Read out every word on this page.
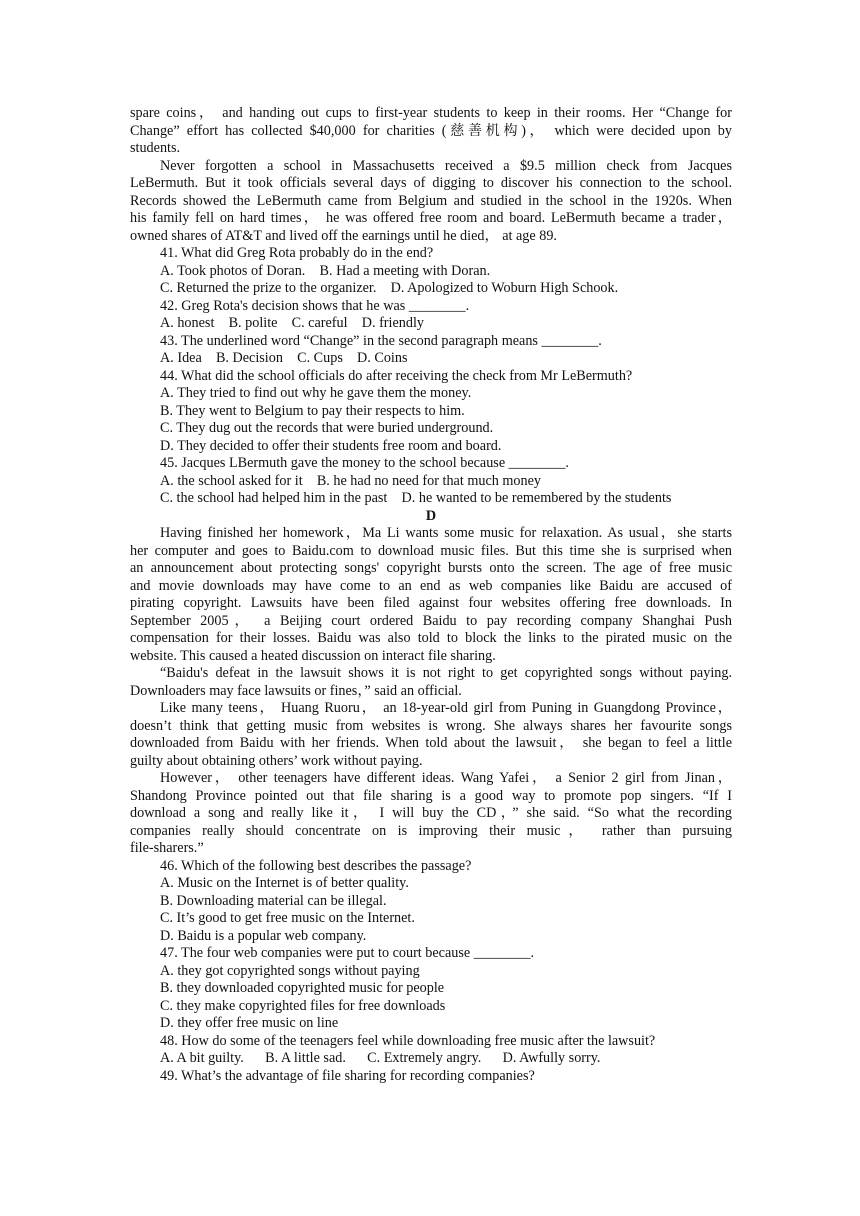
spare coins， and handing out cups to first-year students to keep in their rooms. Her “Change for
Change” effort has collected $40,000 for charities (慈善机构)， which were decided upon by
students.
Never forgotten a school in Massachusetts received a $9.5 million check from Jacques
LeBermuth. But it took officials several days of digging to discover his connection to the school.
Records showed the LeBermuth came from Belgium and studied in the school in the 1920s. When
his family fell on hard times， he was offered free room and board. LeBermuth became a trader，
owned shares of AT&T and lived off the earnings until he died， at age 89.
41. What did Greg Rota probably do in the end?
A. Took photos of Doran.    B. Had a meeting with Doran.
C. Returned the prize to the organizer.    D. Apologized to Woburn High Schook.
42. Greg Rota's decision shows that he was ________.
A. honest    B. polite    C. careful    D. friendly
43. The underlined word “Change” in the second paragraph means ________.
A. Idea    B. Decision    C. Cups    D. Coins
44. What did the school officials do after receiving the check from Mr LeBermuth?
A. They tried to find out why he gave them the money.
B. They went to Belgium to pay their respects to him.
C. They dug out the records that were buried underground.
D. They decided to offer their students free room and board.
45. Jacques LBermuth gave the money to the school because ________.
A. the school asked for it    B. he had no need for that much money
C. the school had helped him in the past    D. he wanted to be remembered by the students
D
Having finished her homework，Ma Li wants some music for relaxation. As usual，she starts
her computer and goes to Baidu.com to download music files. But this time she is surprised when
an announcement about protecting songs' copyright bursts onto the screen. The age of free music
and movie downloads may have come to an end as web companies like Baidu are accused of
pirating copyright. Lawsuits have been filed against four websites offering free downloads. In
September 2005， a Beijing court ordered Baidu to pay recording company Shanghai Push
compensation for their losses. Baidu was also told to block the links to the pirated music on the
website. This caused a heated discussion on interact file sharing.
“Baidu's defeat in the lawsuit shows it is not right to get copyrighted songs without paying.
Downloaders may face lawsuits or fines，” said an official.
Like many teens， Huang Ruoru， an 18-year-old girl from Puning in Guangdong Province，
doesn’t think that getting music from websites is wrong. She always shares her favourite songs
downloaded from Baidu with her friends. When told about the lawsuit， she began to feel a little
guilty about obtaining others’ work without paying.
However， other teenagers have different ideas. Wang Yafei， a Senior 2 girl from Jinan，
Shandong Province pointed out that file sharing is a good way to promote pop singers. “If I
download a song and really like it， I will buy the CD，” she said. “So what the recording
companies really should concentrate on is improving their music， rather than pursuing
file-sharers.”
46. Which of the following best describes the passage?
A. Music on the Internet is of better quality.
B. Downloading material can be illegal.
C. It’s good to get free music on the Internet.
D. Baidu is a popular web company.
47. The four web companies were put to court because ________.
A. they got copyrighted songs without paying
B. they downloaded copyrighted music for people
C. they make copyrighted files for free downloads
D. they offer free music on line
48. How do some of the teenagers feel while downloading free music after the lawsuit?
A. A bit guilty.      B. A little sad.      C. Extremely angry.      D. Awfully sorry.
49. What’s the advantage of file sharing for recording companies?
